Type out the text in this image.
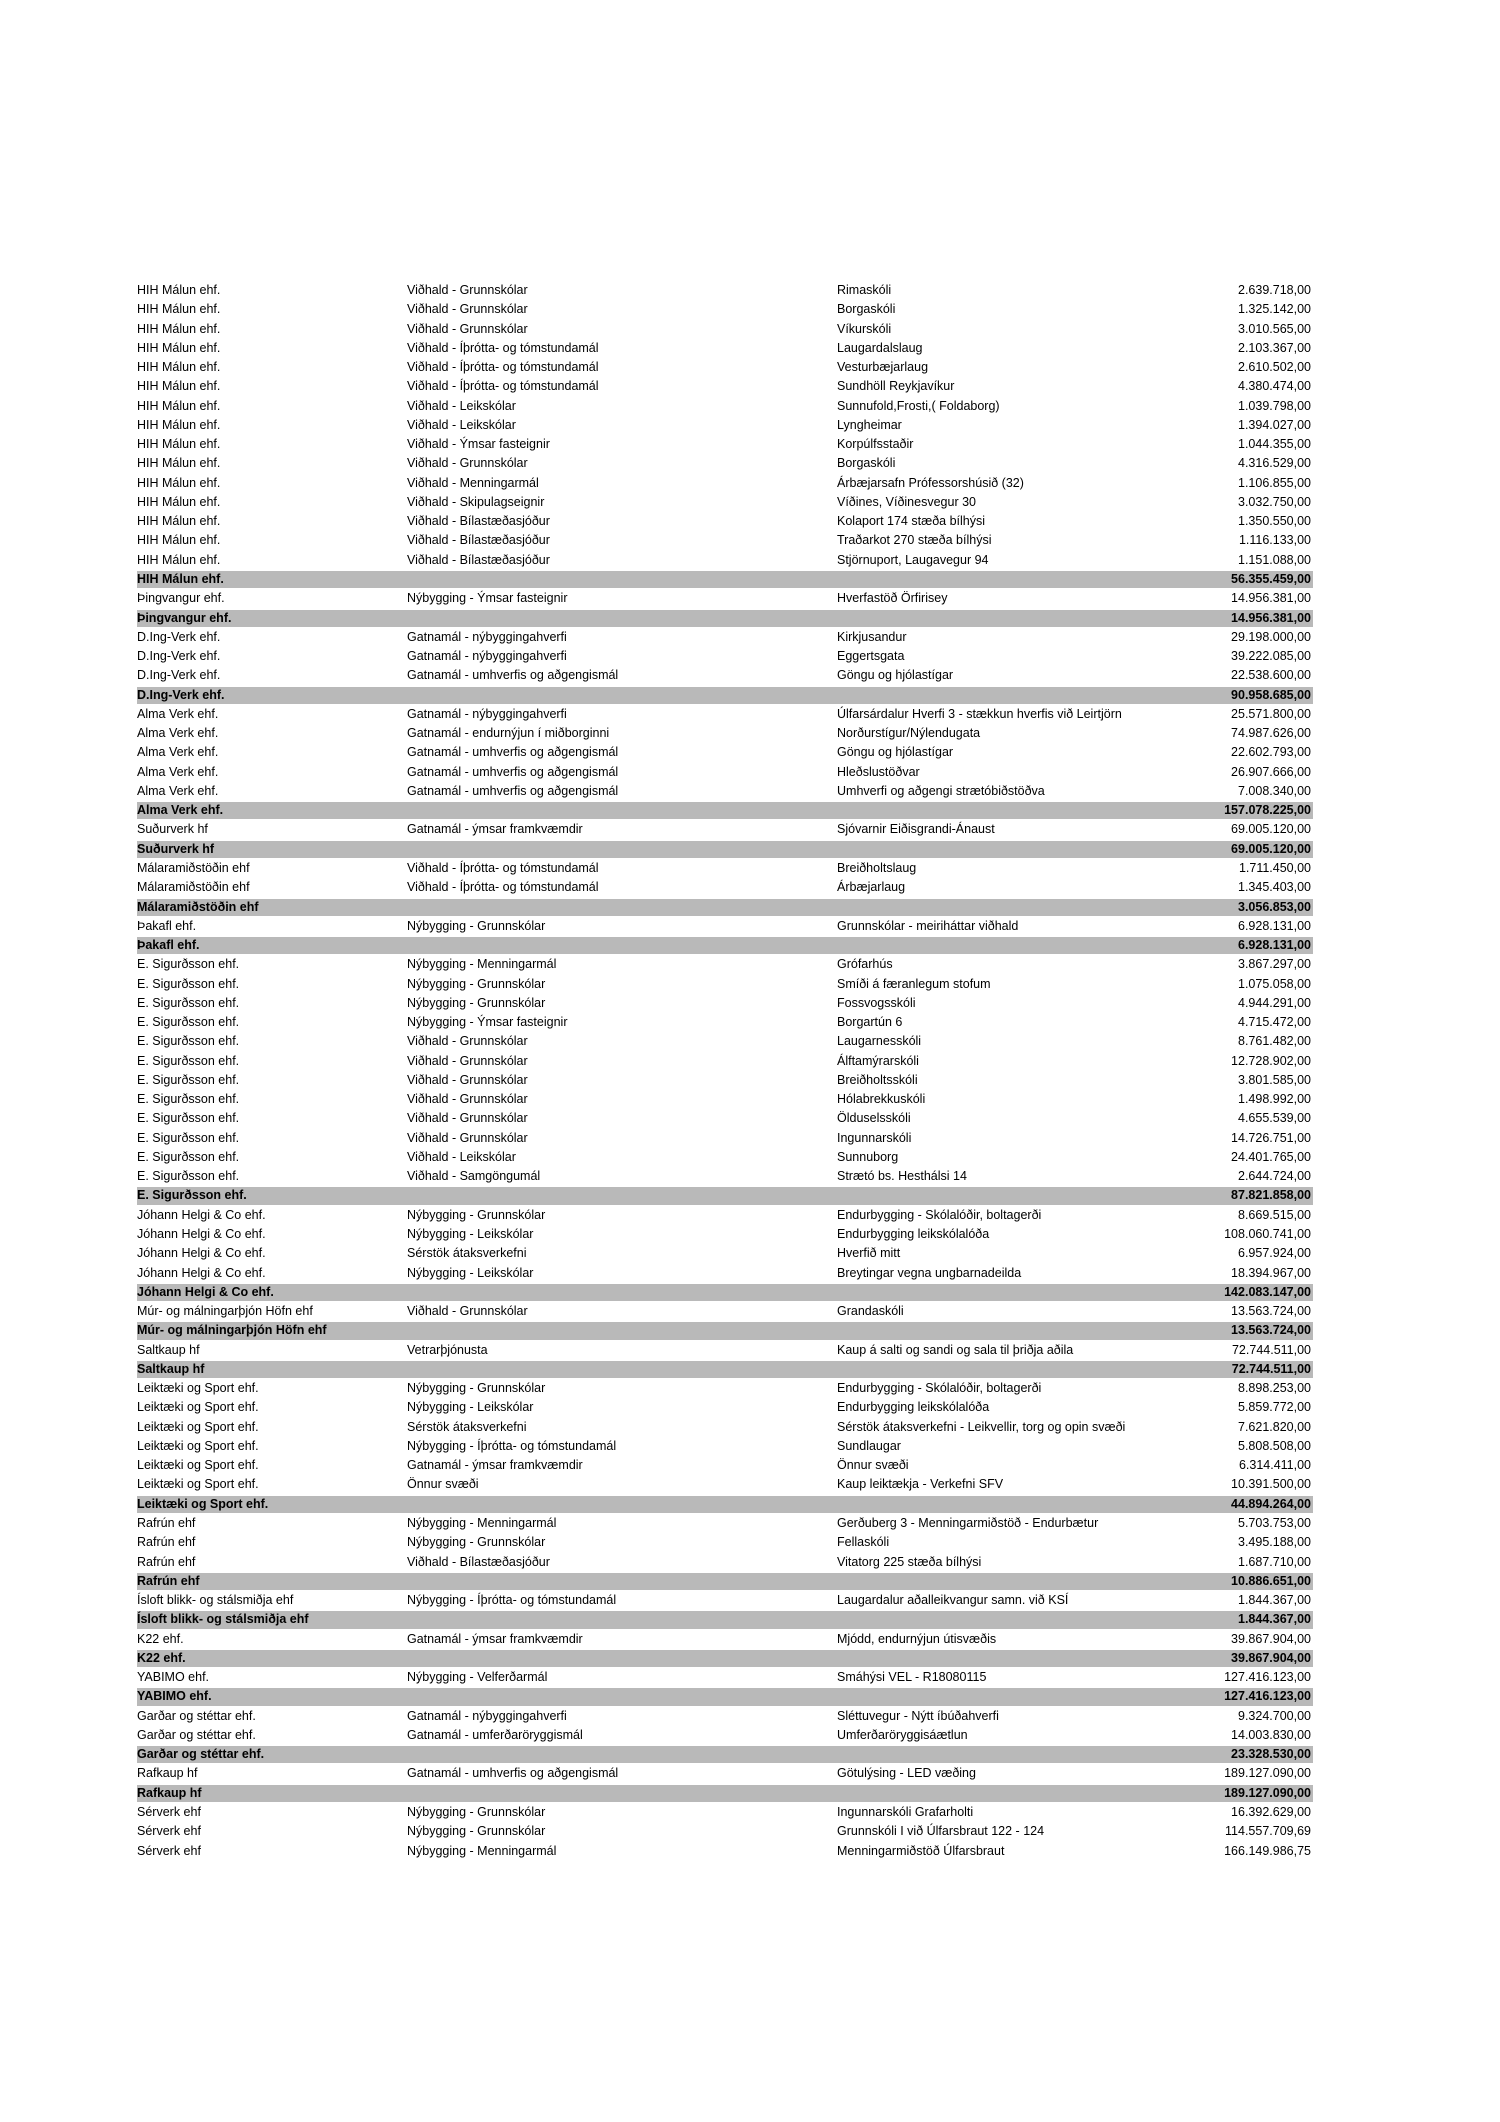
HIH Málun ehf.	Viðhald - Grunnskólar	Rimaskóli	2.639.718,00
HIH Málun ehf.	Viðhald - Grunnskólar	Borgaskóli	1.325.142,00
HIH Málun ehf.	Viðhald - Grunnskólar	Víkurskóli	3.010.565,00
HIH Málun ehf.	Viðhald - Íþrótta- og tómstundamál	Laugardalslaug	2.103.367,00
HIH Málun ehf.	Viðhald - Íþrótta- og tómstundamál	Vesturbæjarlaug	2.610.502,00
HIH Málun ehf.	Viðhald - Íþrótta- og tómstundamál	Sundhöll Reykjavíkur	4.380.474,00
HIH Málun ehf.	Viðhald - Leikskólar	Sunnufold,Frosti,( Foldaborg)	1.039.798,00
HIH Málun ehf.	Viðhald - Leikskólar	Lyngheimar	1.394.027,00
HIH Málun ehf.	Viðhald - Ýmsar fasteignir	Korpúlfsstaðir	1.044.355,00
HIH Málun ehf.	Viðhald - Grunnskólar	Borgaskóli	4.316.529,00
HIH Málun ehf.	Viðhald - Menningarmál	Árbæjarsafn Prófessorshúsið (32)	1.106.855,00
HIH Málun ehf.	Viðhald - Skipulagseignir	Víðines, Víðinesvegur 30	3.032.750,00
HIH Málun ehf.	Viðhald - Bílastæðasjóður	Kolaport 174 stæða bílhýsi	1.350.550,00
HIH Málun ehf.	Viðhald - Bílastæðasjóður	Traðarkot 270 stæða bílhýsi	1.116.133,00
HIH Málun ehf.	Viðhald - Bílastæðasjóður	Stjörnuport, Laugavegur 94	1.151.088,00
HIH Málun ehf.	56.355.459,00
Þingvangur ehf.	Nýbygging - Ýmsar fasteignir	Hverfastöð Örfirisey	14.956.381,00
Þingvangur ehf.	14.956.381,00
D.Ing-Verk ehf.	Gatnamál - nýbyggingahverfi	Kirkjusandur	29.198.000,00
D.Ing-Verk ehf.	Gatnamál - nýbyggingahverfi	Eggertsgata	39.222.085,00
D.Ing-Verk ehf.	Gatnamál - umhverfis og aðgengismál	Göngu og hjólastígar	22.538.600,00
D.Ing-Verk ehf.	90.958.685,00
Alma Verk ehf.	Gatnamál - nýbyggingahverfi	Úlfarsárdalur Hverfi 3 - stækkun hverfis við Leirtjörn	25.571.800,00
Alma Verk ehf.	Gatnamál - endurnýjun í miðborginni	Norðurstígur/Nýlendugata	74.987.626,00
Alma Verk ehf.	Gatnamál - umhverfis og aðgengismál	Göngu og hjólastígar	22.602.793,00
Alma Verk ehf.	Gatnamál - umhverfis og aðgengismál	Hleðslustöðvar	26.907.666,00
Alma Verk ehf.	Gatnamál - umhverfis og aðgengismál	Umhverfi og aðgengi strætóbiðstöðva	7.008.340,00
Alma Verk ehf.	157.078.225,00
Suðurverk hf	Gatnamál - ýmsar framkvæmdir	Sjóvarnir Eiðisgrandi-Ánaust	69.005.120,00
Suðurverk hf	69.005.120,00
Málaramiðstöðin ehf	Viðhald - Íþrótta- og tómstundamál	Breiðholtslaug	1.711.450,00
Málaramiðstöðin ehf	Viðhald - Íþrótta- og tómstundamál	Árbæjarlaug	1.345.403,00
Málaramiðstöðin ehf	3.056.853,00
Þakafl ehf.	Nýbygging - Grunnskólar	Grunnskólar - meiriháttar viðhald	6.928.131,00
Þakafl ehf.	6.928.131,00
E. Sigurðsson ehf.	Nýbygging - Menningarmál	Grófarhús	3.867.297,00
E. Sigurðsson ehf.	Nýbygging - Grunnskólar	Smíði á færanlegum stofum	1.075.058,00
E. Sigurðsson ehf.	Nýbygging - Grunnskólar	Fossvogsskóli	4.944.291,00
E. Sigurðsson ehf.	Nýbygging - Ýmsar fasteignir	Borgartún 6	4.715.472,00
E. Sigurðsson ehf.	Viðhald - Grunnskólar	Laugarnesskóli	8.761.482,00
E. Sigurðsson ehf.	Viðhald - Grunnskólar	Álftamýrarskóli	12.728.902,00
E. Sigurðsson ehf.	Viðhald - Grunnskólar	Breiðholtsskóli	3.801.585,00
E. Sigurðsson ehf.	Viðhald - Grunnskólar	Hólabrekkuskóli	1.498.992,00
E. Sigurðsson ehf.	Viðhald - Grunnskólar	Ölduselsskóli	4.655.539,00
E. Sigurðsson ehf.	Viðhald - Grunnskólar	Ingunnarskóli	14.726.751,00
E. Sigurðsson ehf.	Viðhald - Leikskólar	Sunnuborg	24.401.765,00
E. Sigurðsson ehf.	Viðhald - Samgöngumál	Strætó bs. Hesthálsi 14	2.644.724,00
E. Sigurðsson ehf.	87.821.858,00
Jóhann Helgi & Co ehf.	Nýbygging - Grunnskólar	Endurbygging - Skólalóðir, boltagerði	8.669.515,00
Jóhann Helgi & Co ehf.	Nýbygging - Leikskólar	Endurbygging leikskólalóða	108.060.741,00
Jóhann Helgi & Co ehf.	Sérstök átaksverkefni	Hverfið mitt	6.957.924,00
Jóhann Helgi & Co ehf.	Nýbygging - Leikskólar	Breytingar vegna ungbarnadeilda	18.394.967,00
Jóhann Helgi & Co ehf.	142.083.147,00
Múr- og málningarþjón Höfn ehf	Viðhald - Grunnskólar	Grandaskóli	13.563.724,00
Múr- og málningarþjón Höfn ehf	13.563.724,00
Saltkaup hf	Vetrarþjónusta	Kaup á salti og sandi og sala til þriðja aðila	72.744.511,00
Saltkaup hf	72.744.511,00
Leiktæki og Sport ehf.	Nýbygging - Grunnskólar	Endurbygging - Skólalóðir, boltagerði	8.898.253,00
Leiktæki og Sport ehf.	Nýbygging - Leikskólar	Endurbygging leikskólalóða	5.859.772,00
Leiktæki og Sport ehf.	Sérstök átaksverkefni	Sérstök átaksverkefni - Leikvellir, torg og opin svæði	7.621.820,00
Leiktæki og Sport ehf.	Nýbygging - Íþrótta- og tómstundamál	Sundlaugar	5.808.508,00
Leiktæki og Sport ehf.	Gatnamál - ýmsar framkvæmdir	Önnur svæði	6.314.411,00
Leiktæki og Sport ehf.	Önnur svæði	Kaup leiktækja - Verkefni SFV	10.391.500,00
Leiktæki og Sport ehf.	44.894.264,00
Rafrún ehf	Nýbygging - Menningarmál	Gerðuberg 3 - Menningarmiðstöð - Endurbætur	5.703.753,00
Rafrún ehf	Nýbygging - Grunnskólar	Fellaskóli	3.495.188,00
Rafrún ehf	Viðhald - Bílastæðasjóður	Vitatorg 225 stæða bílhýsi	1.687.710,00
Rafrún ehf	10.886.651,00
Ísloft blikk- og stálsmiðja ehf	Nýbygging - Íþrótta- og tómstundamál	Laugardalur aðalleikvangur samn. við KSÍ	1.844.367,00
Ísloft blikk- og stálsmiðja ehf	1.844.367,00
K22 ehf.	Gatnamál - ýmsar framkvæmdir	Mjódd, endurnýjun útisvæðis	39.867.904,00
K22 ehf.	39.867.904,00
YABIMO ehf.	Nýbygging - Velferðarmál	Smáhýsi VEL - R18080115	127.416.123,00
YABIMO ehf.	127.416.123,00
Garðar og stéttar ehf.	Gatnamál - nýbyggingahverfi	Sléttuvegur - Nýtt íbúðahverfi	9.324.700,00
Garðar og stéttar ehf.	Gatnamál - umferðaröryggismál	Umferðaröryggisáætlun	14.003.830,00
Garðar og stéttar ehf.	23.328.530,00
Rafkaup hf	Gatnamál - umhverfis og aðgengismál	Götulýsing - LED væðing	189.127.090,00
Rafkaup hf	189.127.090,00
Sérverk ehf	Nýbygging - Grunnskólar	Ingunnarskóli Grafarholti	16.392.629,00
Sérverk ehf	Nýbygging - Grunnskólar	Grunnskóli I við Úlfarsbraut 122 - 124	114.557.709,69
Sérverk ehf	Nýbygging - Menningarmál	Menningarmiðstöð Úlfarsbraut	166.149.986,75
